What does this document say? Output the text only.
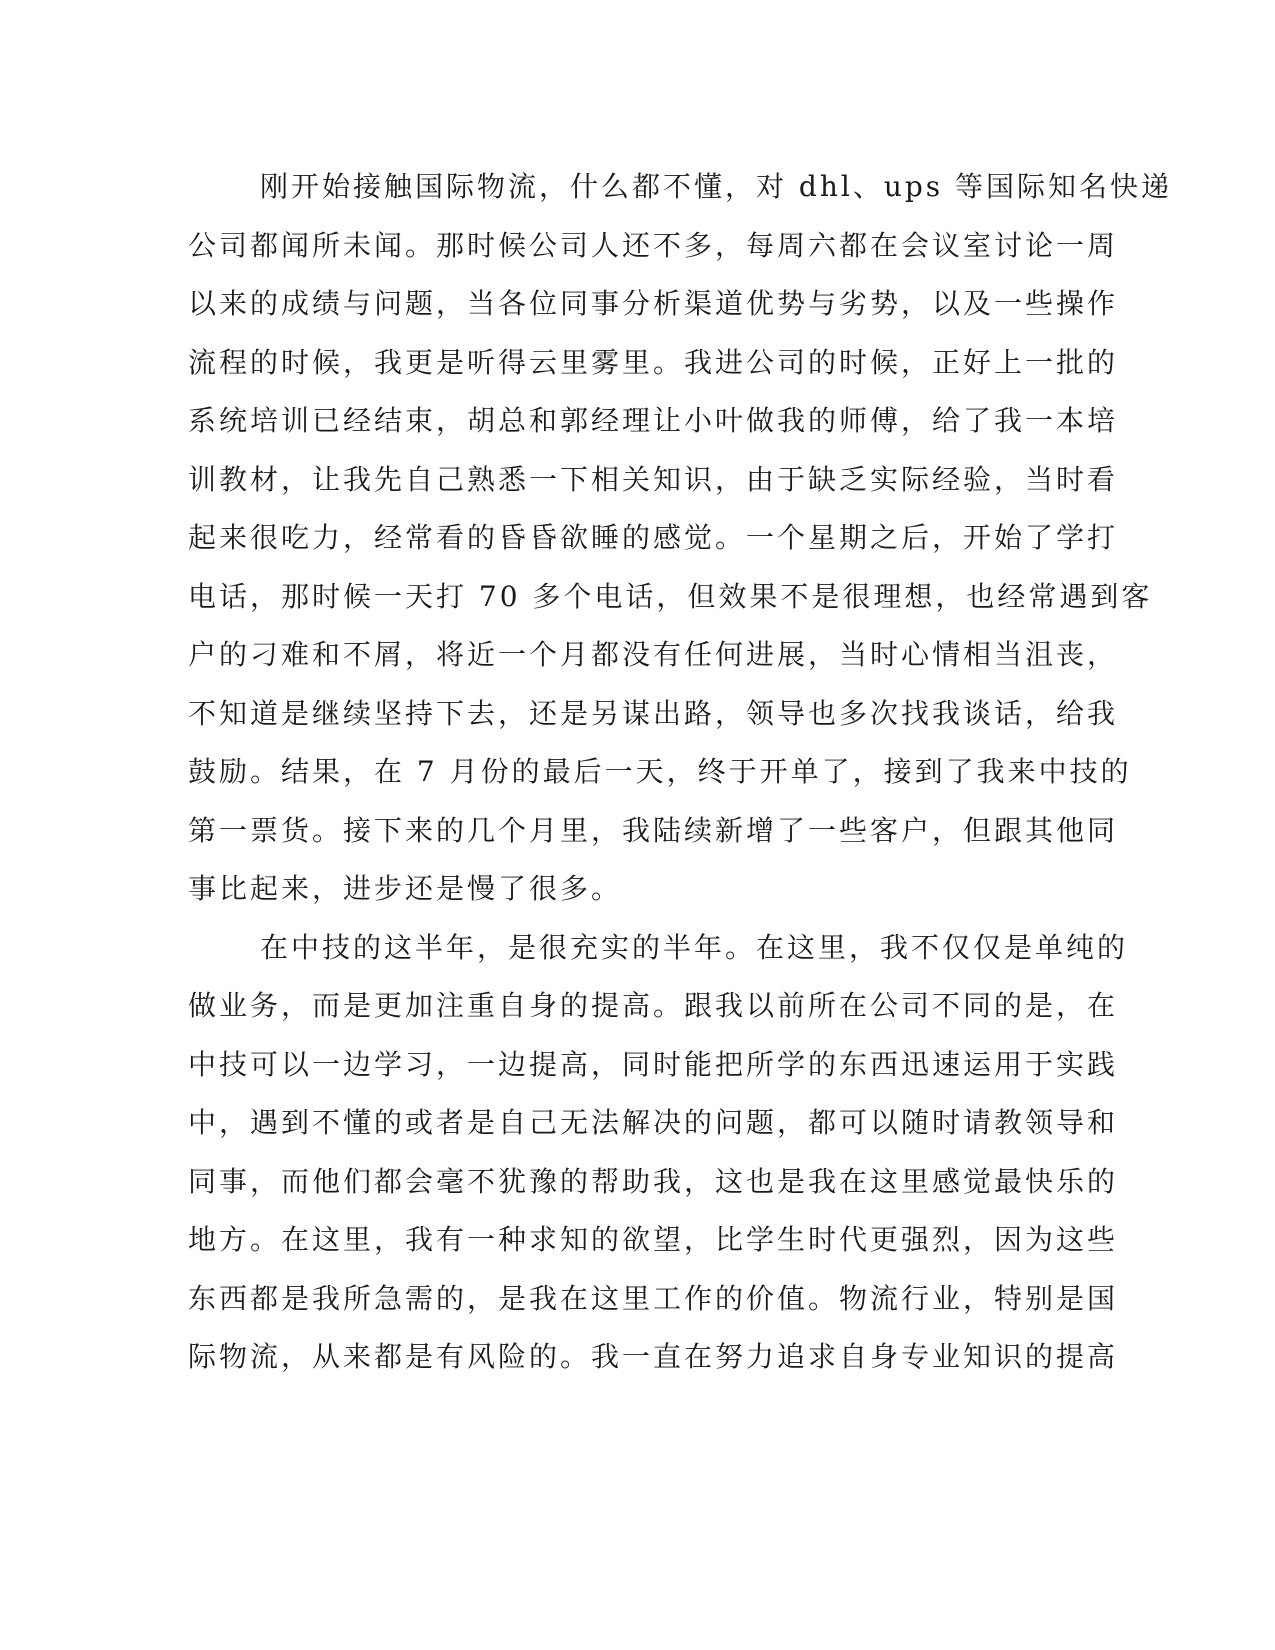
刚开始接触国际物流，什么都不懂，对 dhl、ups 等国际知名快递
公司都闻所未闻。那时候公司人还不多，每周六都在会议室讨论一周
以来的成绩与问题，当各位同事分析渠道优势与劣势，以及一些操作
流程的时候，我更是听得云里雾里。我进公司的时候，正好上一批的
系统培训已经结束，胡总和郭经理让小叶做我的师傅，给了我一本培
训教材，让我先自己熟悉一下相关知识，由于缺乏实际经验，当时看
起来很吃力，经常看的昏昏欲睡的感觉。一个星期之后，开始了学打
电话，那时候一天打 70 多个电话，但效果不是很理想，也经常遇到客
户的刁难和不屑，将近一个月都没有任何进展，当时心情相当沮丧，
不知道是继续坚持下去，还是另谋出路，领导也多次找我谈话，给我
鼓励。结果，在 7 月份的最后一天，终于开单了，接到了我来中技的
第一票货。接下来的几个月里，我陆续新增了一些客户，但跟其他同
事比起来，进步还是慢了很多。
在中技的这半年，是很充实的半年。在这里，我不仅仅是单纯的
做业务，而是更加注重自身的提高。跟我以前所在公司不同的是，在
中技可以一边学习，一边提高，同时能把所学的东西迅速运用于实践
中，遇到不懂的或者是自己无法解决的问题，都可以随时请教领导和
同事，而他们都会毫不犹豫的帮助我，这也是我在这里感觉最快乐的
地方。在这里，我有一种求知的欲望，比学生时代更强烈，因为这些
东西都是我所急需的，是我在这里工作的价值。物流行业，特别是国
际物流，从来都是有风险的。我一直在努力追求自身专业知识的提高
